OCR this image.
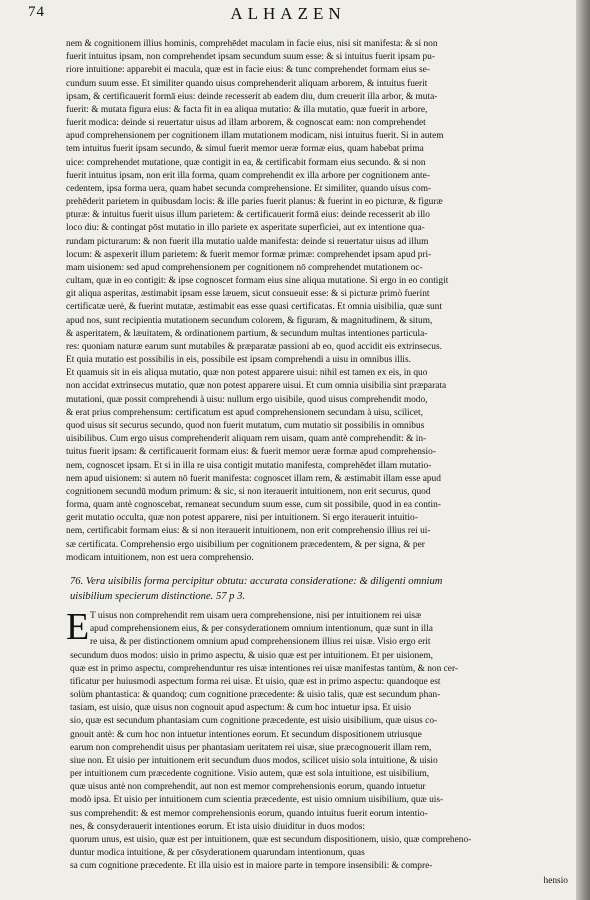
74	ALHAZEN
nem & cognitionem illius hominis, comprehēdet maculam in facie eius, nisi sit manifesta: & si non
fuerit intuitus ipsam, non comprehendet ipsam secundum suum esse: & si intuitus fuerit ipsam pu-
riore intuitione: apparebit ei macula, quæ est in facie eius: & tunc comprehendet formam eius se-
cundum suum esse. Et similiter quando uisus comprehenderit aliquam arborem, & intuitus fuerit
ipsam, & certificauerit formā eius: deinde recesserit ab eadem diu, dum creuerit illa arbor, & muta-
fuerit: & mutata figura eius: & facta fit in ea aliqua mutatio: & illa mutatio, quæ fuerit in arbore,
fuerit modica: deinde si reuertatur uisus ad illam arborem, & cognoscat eam: non comprehendet
apud comprehensionem per cognitionem illam mutationem modicam, nisi intuitus fuerit. Si in autem
tem intuitus fuerit ipsam secundo, & simul fuerit memor ueræ formæ eius, quam habebat prima
uice: comprehendet mutatione, quæ contigit in ea, & certificabit formam eius secundo. & si non
fuerit intuitus ipsam, non erit illa forma, quam comprehendit ex illa arbore per cognitionem ante-
cedentem, ipsa forma uera, quam habet secunda comprehensione. Et similiter, quando uisus com-
prehēderit parietem in quibusdam locis: & ille paries fuerit planus: & fuerint in eo picturæ, & figuræ
pturæ: & intuitus fuerit uisus illum parietem: & certificauerit formā eius: deinde recesserit ab illo
loco diu: & contingat pōst mutatio in illo pariete ex asperitate superficiei, aut ex intentione qua-
rundam picturarum: & non fuerit illa mutatio ualde manifesta: deinde si reuertatur uisus ad illum
locum: & aspexerit illum parietem: & fuerit memor formæ primæ: comprehendet ipsam apud pri-
mam uisionem: sed apud comprehensionem per cognitionem nō comprehendet mutationem oc-
cultam, quæ in eo contigit: & ipse cognoscet formam eius sine aliqua mutatione. Si ergo in eo contigit
git aliqua asperitas, æstimabit ipsam esse læuem, sicut consueuit esse: & si picturæ primò fuerint
certificatæ uerè, & fuerint mutatæ, æstimabit eas esse quasi certificatas. Et omnia uisibilia, quæ sunt
apud nos, sunt recipientia mutationem secundum colorem, & figuram, & magnitudinem, & situm,
& asperitatem, & læuitatem, & ordinationem partium, & secundum multas intentiones particula-
res: quoniam naturæ earum sunt mutabiles & præparatæ passioni ab eo, quod accidit eis extrinsecus.
Et quia mutatio est possibilis in eis, possibile est ipsam comprehendi a uisu in omnibus illis.
Et quamuis sit in eis aliqua mutatio, quæ non potest apparere uisui: nihil est tamen ex eis, in quo
non accidat extrinsecus mutatio, quæ non potest apparere uisui. Et cum omnia uisibilia sint præparata
mutationi, quæ possit comprehendi à uisu: nullum ergo uisibile, quod uisus comprehendit modo,
& erat prius comprehensum: certificatum est apud comprehensionem secundam à uisu, scilicet,
quod uisus sit securus secundo, quod non fuerit mutatum, cum mutatio sit possibilis in omnibus
uisibilibus. Cum ergo uisus comprehenderit aliquam rem uisam, quam antè comprehendit: & in-
tuitus fuerit ipsam: & certificauerit formam eius: & fuerit memor ueræ formæ apud comprehensio-
nem, cognoscet ipsam. Et si in illa re uisa contigit mutatio manifesta, comprehēdet illam mutatio-
nem apud uisionem: si autem nō fuerit manifesta: cognoscet illam rem, & æstimabit illam esse apud
cognitionem secundū modum primum: & sic, si non iterauerit intuitionem, non erit securus, quod
forma, quam antè cognoscebat, remaneat secundum suum esse, cum sit possibile, quod in ea contin-
gerit mutatio occulta, quæ non potest apparere, nisi per intuitionem. Si ergo iterauerit intuitio-
nem, certificabit formam eius: & si non iterauerit intuitionem, non erit comprehensio illius rei ui-
sæ certificata. Comprehensio ergo uisibilium per cognitionem præcedentem, & per signa, & per
modicam intuitionem, non est uera comprehensio.
76. Vera uisibilis forma percipitur obtutu: accurata consideratione: & diligenti omnium
uisibilium specierum distinctione. 57 p 3.
E T uisus non comprehendit rem uisam uera comprehensione, nisi per intuitionem rei uisæ
apud comprehensionem eius, & per consyderationem omnium intentionum, quæ sunt in illa
re uisa, & per distinctionem omnium apud comprehensionem illius rei uisæ. Visio ergo erit
secundum duos modos: uisio in primo aspectu, & uisio quæ est per intuitionem. Et per uisionem,
quæ est in primo aspectu, comprehenduntur res uisæ intentiones rei uisæ manifestas tantùm, & non cer-
tificatur per huiusmodi aspectum forma rei uisæ. Et uisio, quæ est in primo aspectu: quandoque est
solùm phantastica: & quandoq; cum cognitione præcedente: & uisio talis, quæ est secundum phan-
tasiam, est uisio, quæ uisus non cognouit apud aspectum: & cum hoc intuetur ipsa. Et uisio
sio, quæ est secundum phantasiam cum cognitione præcedente, est uisio uisibilium, quæ uisus co-
gnouit antè: & cum hoc non intuetur intentiones eorum. Et secundum dispositionem utriusque
earum non comprehendit uisus per phantasiam ueritatem rei uisæ, siue præcognouerit illam rem,
siue non. Et uisio per intuitionem erit secundum duos modos, scilicet uisio sola intuitione, & uisio
per intuitionem cum præcedente cognitione. Visio autem, quæ est sola intuitione, est uisibilium,
quæ uisus antè non comprehendit, aut non est memor comprehensionis eorum, quando intuetur
modò ipsa. Et uisio per intuitionem cum scientia præcedente, est uisio omnium uisibilium, quæ uis-
sus comprehendit: & est memor comprehensionis eorum, quando intuitus fuerit eorum intentio-
nes, & consyderauerit intentiones eorum. Et ista uisio diuiditur in duos modos:
quorum unus, est uisio, quæ est per intuitionem, quæ est secundum dispositionem, uisio, quæ compreheno-
duntur modica intuitione, & per cōsyderationem quarundam intentionum, quas
sa cum cognitione præcedente. Et illa uisio est in maiore parte in tempore insensibili: & compre-
hensio
